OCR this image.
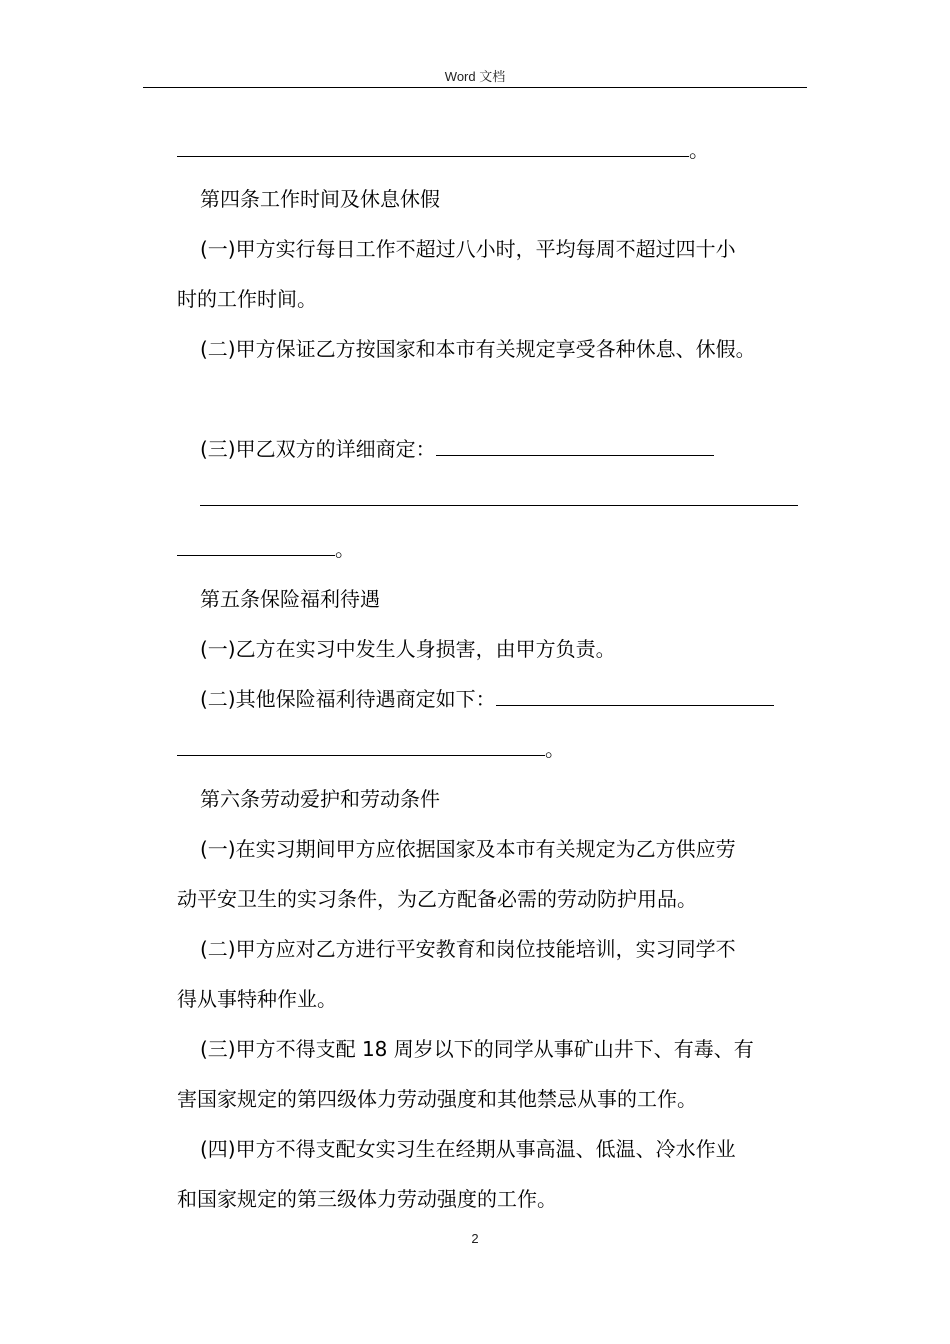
Word 文档
。
第四条工作时间及休息休假
(一)甲方实行每日工作不超过八小时，平均每周不超过四十小
时的工作时间。
(二)甲方保证乙方按国家和本市有关规定享受各种休息、休假。
(三)甲乙双方的详细商定：
。
第五条保险福利待遇
(一)乙方在实习中发生人身损害，由甲方负责。
(二)其他保险福利待遇商定如下：
。
第六条劳动爱护和劳动条件
(一)在实习期间甲方应依据国家及本市有关规定为乙方供应劳
动平安卫生的实习条件，为乙方配备必需的劳动防护用品。
(二)甲方应对乙方进行平安教育和岗位技能培训，实习同学不
得从事特种作业。
(三)甲方不得支配 18 周岁以下的同学从事矿山井下、有毒、有
害国家规定的第四级体力劳动强度和其他禁忌从事的工作。
(四)甲方不得支配女实习生在经期从事高温、低温、冷水作业
和国家规定的第三级体力劳动强度的工作。
2
